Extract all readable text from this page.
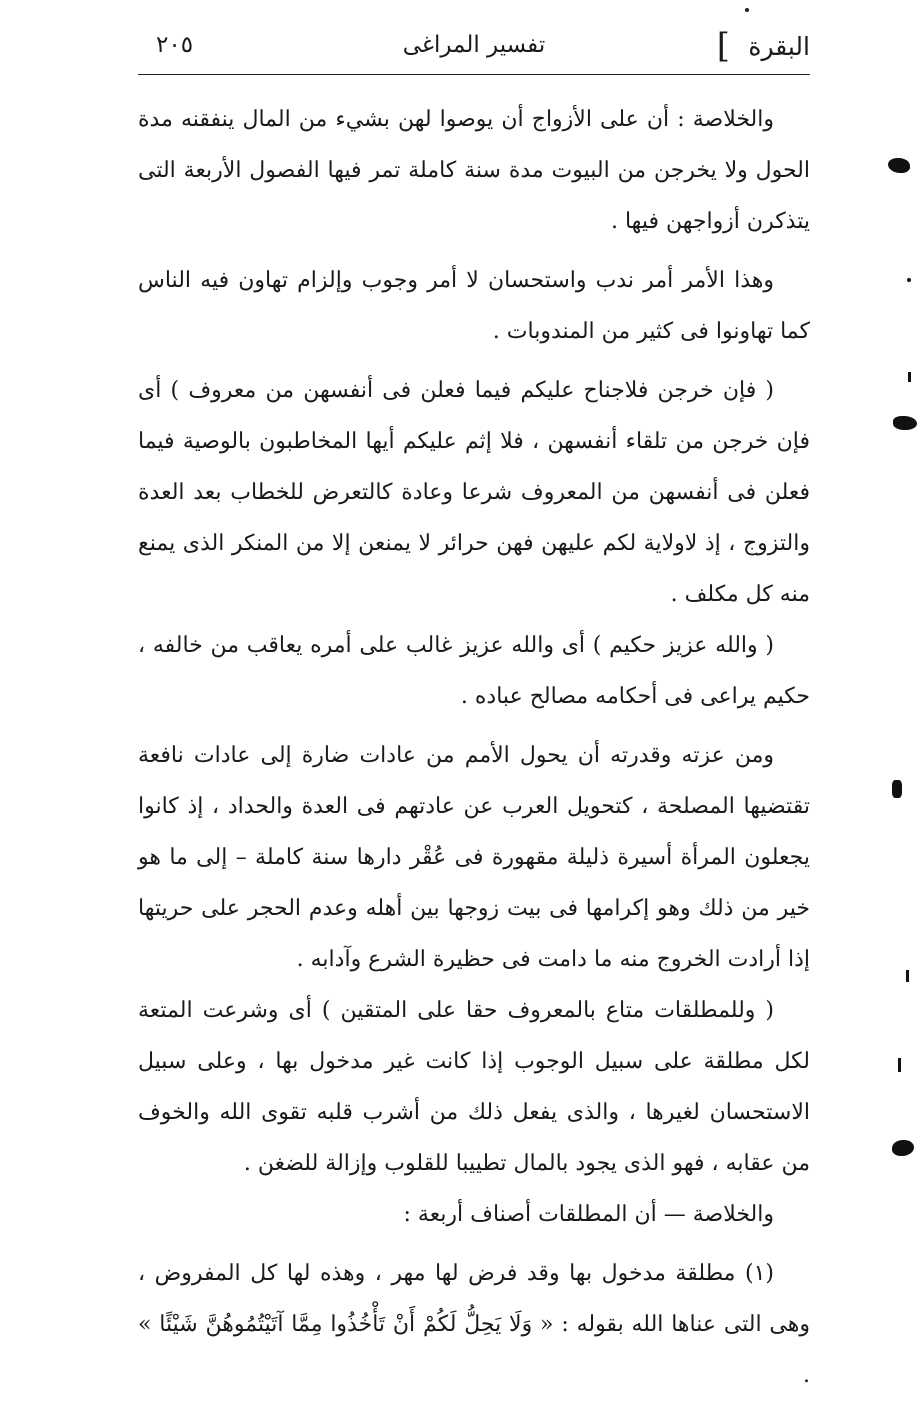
البقرة
]
تفسير المراغى
٢٠٥

والخلاصة : أن على الأزواج أن يوصوا لهن بشيء من المال ينفقنه مدة الحول ولا يخرجن من البيوت مدة سنة كاملة تمر فيها الفصول الأربعة التى يتذكرن أزواجهن فيها .

وهذا الأمر أمر ندب واستحسان لا أمر وجوب وإلزام تهاون فيه الناس كما تهاونوا فى كثير من المندوبات .

( فإن خرجن فلاجناح عليكم فيما فعلن فى أنفسهن من معروف ) أى فإن خرجن من تلقاء أنفسهن ، فلا إثم عليكم أيها المخاطبون بالوصية فيما فعلن فى أنفسهن من المعروف شرعا وعادة كالتعرض للخطاب بعد العدة والتزوج ، إذ لاولاية لكم عليهن فهن حرائر لا يمنعن إلا من المنكر الذى يمنع منه كل مكلف .

( والله عزيز حكيم ) أى والله عزيز غالب على أمره يعاقب من خالفه ، حكيم يراعى فى أحكامه مصالح عباده .

ومن عزته وقدرته أن يحول الأمم من عادات ضارة إلى عادات نافعة تقتضيها المصلحة ، كتحويل العرب عن عادتهم فى العدة والحداد ، إذ كانوا يجعلون المرأة أسيرة ذليلة مقهورة فى عُقْر دارها سنة كاملة – إلى ما هو خير من ذلك وهو إكرامها فى بيت زوجها بين أهله وعدم الحجر على حريتها إذا أرادت الخروج منه ما دامت فى حظيرة الشرع وآدابه .

( وللمطلقات متاع بالمعروف حقا على المتقين ) أى وشرعت المتعة لكل مطلقة على سبيل الوجوب إذا كانت غير مدخول بها ، وعلى سبيل الاستحسان لغيرها ، والذى يفعل ذلك من أشرب قلبه تقوى الله والخوف من عقابه ، فهو الذى يجود بالمال تطييبا للقلوب وإزالة للضغن .

والخلاصة — أن المطلقات أصناف أربعة :

(١) مطلقة مدخول بها وقد فرض لها مهر ، وهذه لها كل المفروض ، وهى التى عناها الله بقوله : « وَلَا يَحِلُّ لَكُمْ أَنْ تَأْخُذُوا مِمَّا آتَيْتُمُوهُنَّ شَيْئًا » .
